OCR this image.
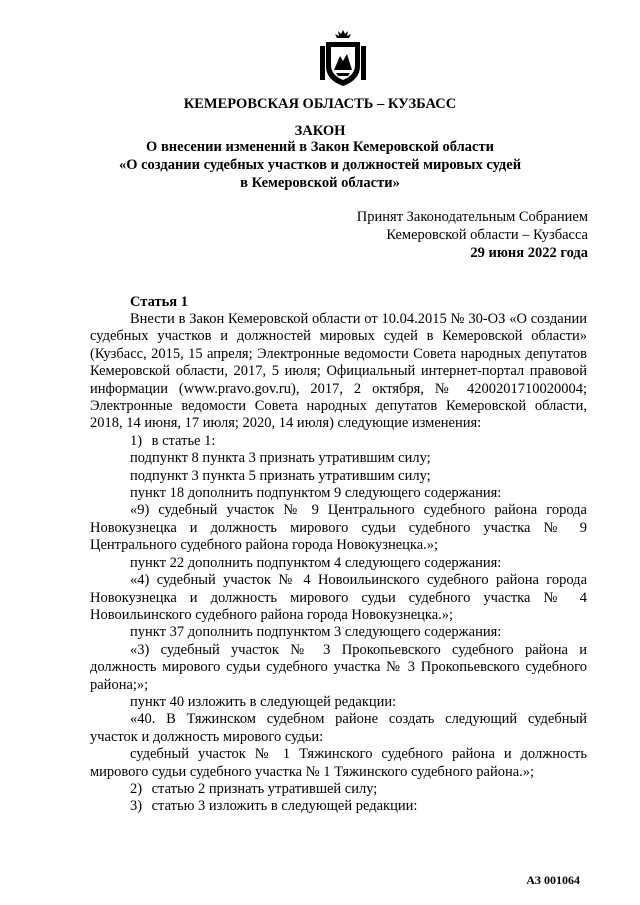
КЕМЕРОВСКАЯ ОБЛАСТЬ – КУЗБАСС
ЗАКОН
О внесении изменений в Закон Кемеровской области
«О создании судебных участков и должностей мировых судей
в Кемеровской области»
Принят Законодательным Собранием
Кемеровской области – Кузбасса
29 июня 2022 года
Статья 1

Внести в Закон Кемеровской области от 10.04.2015 № 30-ОЗ «О создании судебных участков и должностей мировых судей в Кемеровской области» (Кузбасс, 2015, 15 апреля; Электронные ведомости Совета народных депутатов Кемеровской области, 2017, 5 июля; Официальный интернет-портал правовой информации (www.pravo.gov.ru), 2017, 2 октября, № 4200201710020004; Электронные ведомости Совета народных депутатов Кемеровской области, 2018, 14 июня, 17 июля; 2020, 14 июля) следующие изменения:

1) в статье 1:

подпункт 8 пункта 3 признать утратившим силу;

подпункт 3 пункта 5 признать утратившим силу;

пункт 18 дополнить подпунктом 9 следующего содержания:

«9) судебный участок № 9 Центрального судебного района города Новокузнецка и должность мирового судьи судебного участка № 9 Центрального судебного района города Новокузнецка.»;

пункт 22 дополнить подпунктом 4 следующего содержания:

«4) судебный участок № 4 Новоильинского судебного района города Новокузнецка и должность мирового судьи судебного участка № 4 Новоильинского судебного района города Новокузнецка.»;

пункт 37 дополнить подпунктом 3 следующего содержания:

«3) судебный участок № 3 Прокопьевского судебного района и должность мирового судьи судебного участка № 3 Прокопьевского судебного района;»;

пункт 40 изложить в следующей редакции:

«40. В Тяжинском судебном районе создать следующий судебный участок и должность мирового судьи:

судебный участок № 1 Тяжинского судебного района и должность мирового судьи судебного участка № 1 Тяжинского судебного района.»;

2) статью 2 признать утратившей силу;

3) статью 3 изложить в следующей редакции:

АЗ 001064
